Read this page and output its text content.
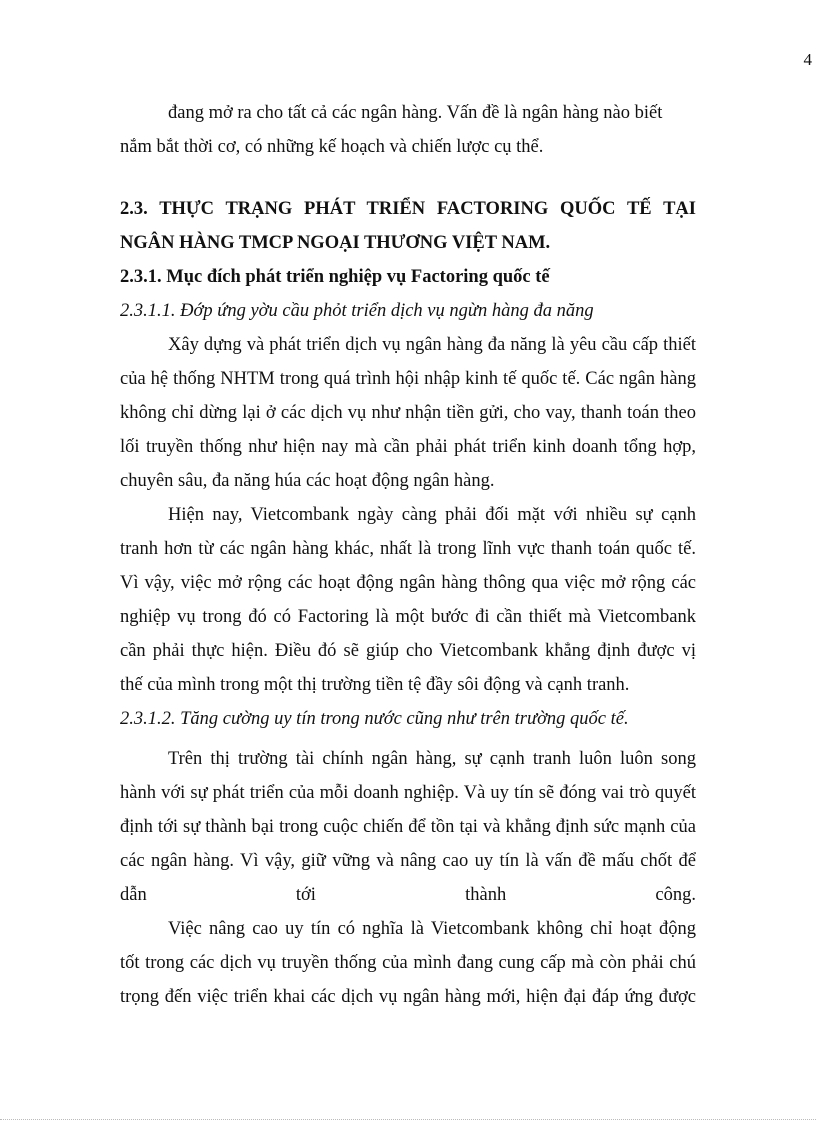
4
đang mở ra cho tất cả các ngân hàng. Vấn đề là ngân hàng nào biết
nắm bắt thời cơ, có những kế hoạch và chiến lược cụ thể.
2.3. THỰC TRẠNG PHÁT TRIỂN FACTORING QUỐC TẾ TẠI
NGÂN HÀNG TMCP NGOẠI THƯƠNG VIỆT NAM.
2.3.1. Mục đích phát triển nghiệp vụ Factoring quốc tế
2.3.1.1. Đớp ứng yờu cầu phỏt triển dịch vụ ngừn hàng đa năng
Xây dựng và phát triển dịch vụ ngân hàng đa năng là yêu cầu cấp thiết
của hệ thống NHTM trong quá trình hội nhập kinh tế quốc tế. Các ngân hàng
không chỉ dừng lại ở các dịch vụ như nhận tiền gửi, cho vay, thanh toán theo
lối truyền thống như hiện nay mà cần phải phát triển kinh doanh tổng hợp,
chuyên sâu, đa năng húa các hoạt động ngân hàng.
Hiện nay, Vietcombank ngày càng phải đối mặt với nhiều sự cạnh
tranh hơn từ các ngân hàng khác, nhất là trong lĩnh vực thanh toán quốc tế.
Vì vậy, việc mở rộng các hoạt động ngân hàng thông qua việc mở rộng các
nghiệp vụ trong đó có Factoring là một bước đi cần thiết mà Vietcombank
cần phải thực hiện. Điều đó sẽ giúp cho Vietcombank khẳng định được vị
thế của mình trong một thị trường tiền tệ đầy sôi động và cạnh tranh.
2.3.1.2. Tăng cường uy tín trong nước cũng như trên trường quốc tế.
Trên thị trường tài chính ngân hàng, sự cạnh tranh luôn luôn song
hành với sự phát triển của mỗi doanh nghiệp. Và uy tín sẽ đóng vai trò quyết
định tới sự thành bại trong cuộc chiến để tồn tại và khẳng định sức mạnh của
các ngân hàng. Vì vậy, giữ vững và nâng cao uy tín là vấn đề mấu chốt để
dẫn tới thành công.
Việc nâng cao uy tín có nghĩa là Vietcombank không chỉ hoạt động
tốt trong các dịch vụ truyền thống của mình đang cung cấp mà còn phải chú
trọng đến việc triển khai các dịch vụ ngân hàng mới, hiện đại đáp ứng được
